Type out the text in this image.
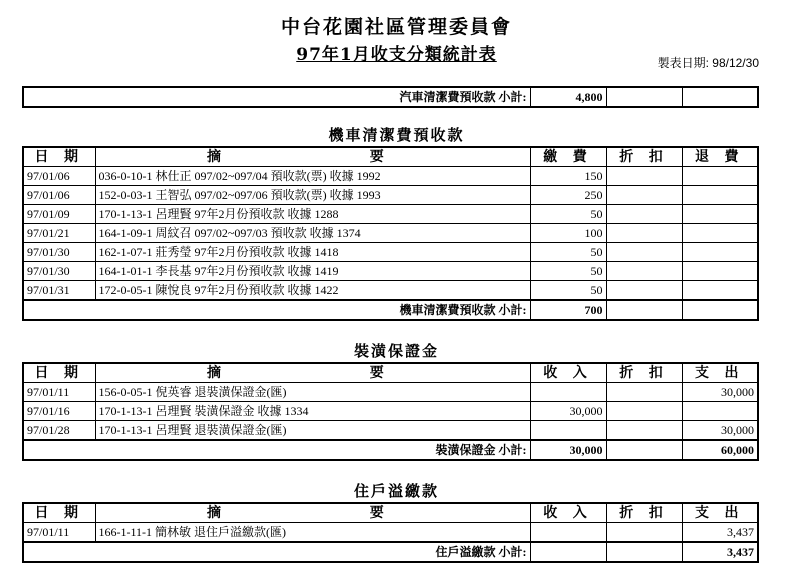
中台花園社區管理委員會
97年1月收支分類統計表	製表日期: 98/12/30
汽車清潔費預收款 小計:	4,800		
機車清潔費預收款
日 期	摘	要	繳 費	折 扣	退 費
97/01/06	036-0-10-1 林仕正 097/02~097/04 預收款(票) 收據 1992		150		
97/01/06	152-0-03-1 王智弘 097/02~097/06 預收款(票) 收據 1993		250		
97/01/09	170-1-13-1 呂理賢 97年2月份預收款 收據 1288		50		
97/01/21	164-1-09-1 周紋召 097/02~097/03 預收款 收據 1374		100		
97/01/30	162-1-07-1 莊秀瑩 97年2月份預收款 收據 1418		50		
97/01/30	164-1-01-1 李長基 97年2月份預收款 收據 1419		50		
97/01/31	172-0-05-1 陳悅良 97年2月份預收款 收據 1422		50		
機車清潔費預收款 小計:			700		
裝潢保證金
日 期	摘	要	收 入	折 扣	支 出
97/01/11	156-0-05-1 倪英睿 退裝潢保證金(匯)				30,000
97/01/16	170-1-13-1 呂理賢 裝潢保證金 收據 1334		30,000		
97/01/28	170-1-13-1 呂理賢 退裝潢保證金(匯)				30,000
裝潢保證金 小計:			30,000		60,000
住戶溢繳款
日 期	摘	要	收 入	折 扣	支 出
97/01/11	166-1-11-1 簡林敏 退住戶溢繳款(匯)				3,437
住戶溢繳款 小計:					3,437
